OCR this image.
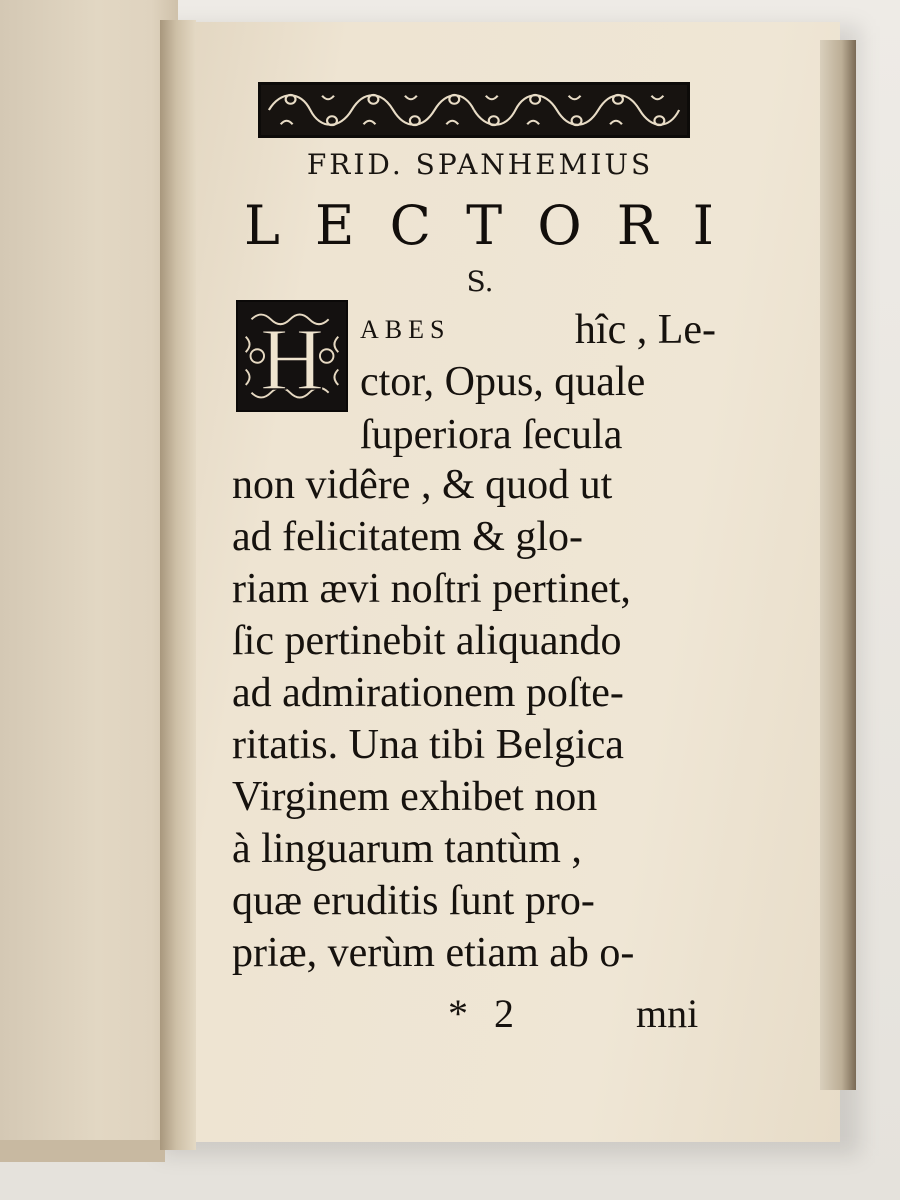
FRID. SPANHEMIUS
L E C T O R I
S.
H ABES	hîc , Le-

ctor, Opus, quale

ſuperiora ſecula

non vidêre , & quod ut

ad felicitatem & glo-

riam ævi noſtri pertinet,

ſic pertinebit aliquando

ad admirationem poſte-

ritatis. Una tibi Belgica

Virginem exhibet non

à linguarum tantùm ,

quæ eruditis ſunt pro-

priæ, verùm etiam ab o-

* 2	mni
